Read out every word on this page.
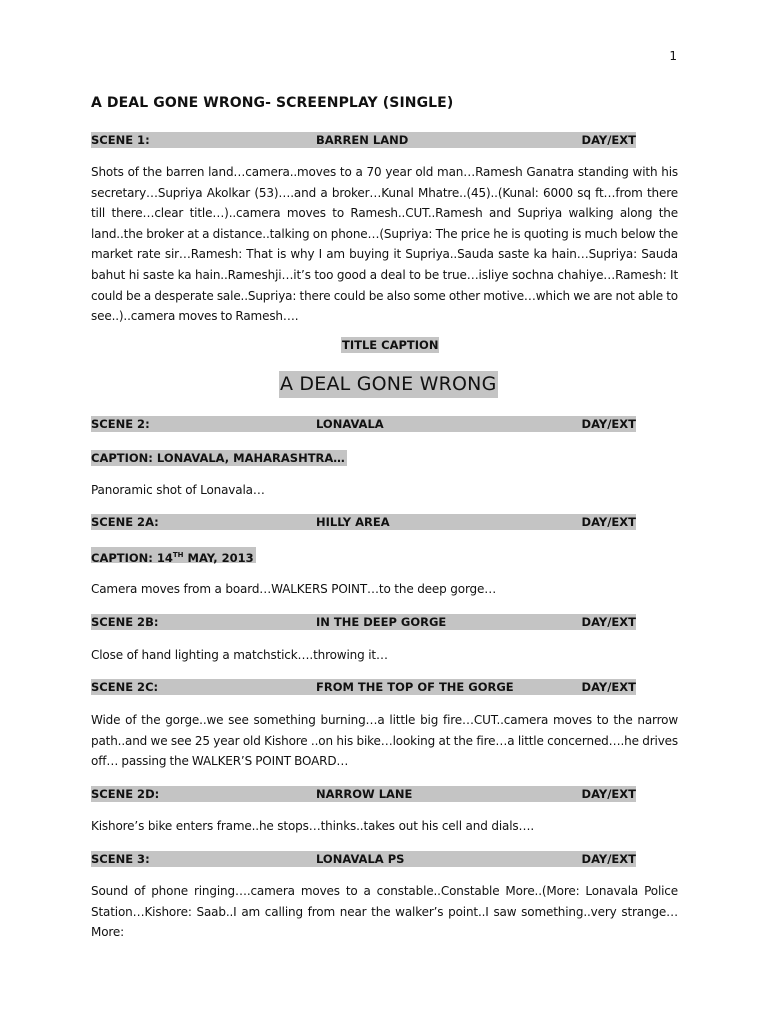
1
A DEAL GONE WRONG- SCREENPLAY (SINGLE)
SCENE 1:	BARREN LAND	DAY/EXT
Shots of the barren land…camera..moves to a 70 year old man…Ramesh Ganatra standing with his secretary…Supriya Akolkar (53)….and a broker…Kunal Mhatre..(45)..(Kunal: 6000 sq ft…from there till there…clear title…)..camera moves to Ramesh..CUT..Ramesh and Supriya walking along the land..the broker at a distance..talking on phone…(Supriya: The price he is quoting is much below the market rate sir…Ramesh: That is why I am buying it Supriya..Sauda saste ka hain…Supriya: Sauda bahut hi saste ka hain..Rameshji…it’s too good a deal to be true…isliye sochna chahiye…Ramesh: It could be a desperate sale..Supriya: there could be also some other motive…which we are not able to see..)..camera moves to Ramesh….
TITLE CAPTION
A DEAL GONE WRONG
SCENE 2:	LONAVALA	DAY/EXT
CAPTION: LONAVALA, MAHARASHTRA…
Panoramic shot of Lonavala…
SCENE 2A:	HILLY AREA	DAY/EXT
CAPTION: 14TH MAY, 2013
Camera moves from a board…WALKERS POINT…to the deep gorge…
SCENE 2B:	IN THE DEEP GORGE	DAY/EXT
Close of hand lighting a matchstick….throwing it…
SCENE 2C:	FROM THE TOP OF THE GORGE	DAY/EXT
Wide of the gorge..we see something burning…a little big fire…CUT..camera moves to the narrow path..and we see 25 year old Kishore ..on his bike…looking at the fire…a little concerned….he drives off… passing the WALKER’S POINT BOARD…
SCENE 2D:	NARROW LANE	DAY/EXT
Kishore’s bike enters frame..he stops…thinks..takes out his cell and dials….
SCENE 3:	LONAVALA PS	DAY/EXT
Sound of phone ringing….camera moves to a constable..Constable More..(More: Lonavala Police Station…Kishore: Saab..I am calling from near the walker’s point..I saw something..very strange…More:
